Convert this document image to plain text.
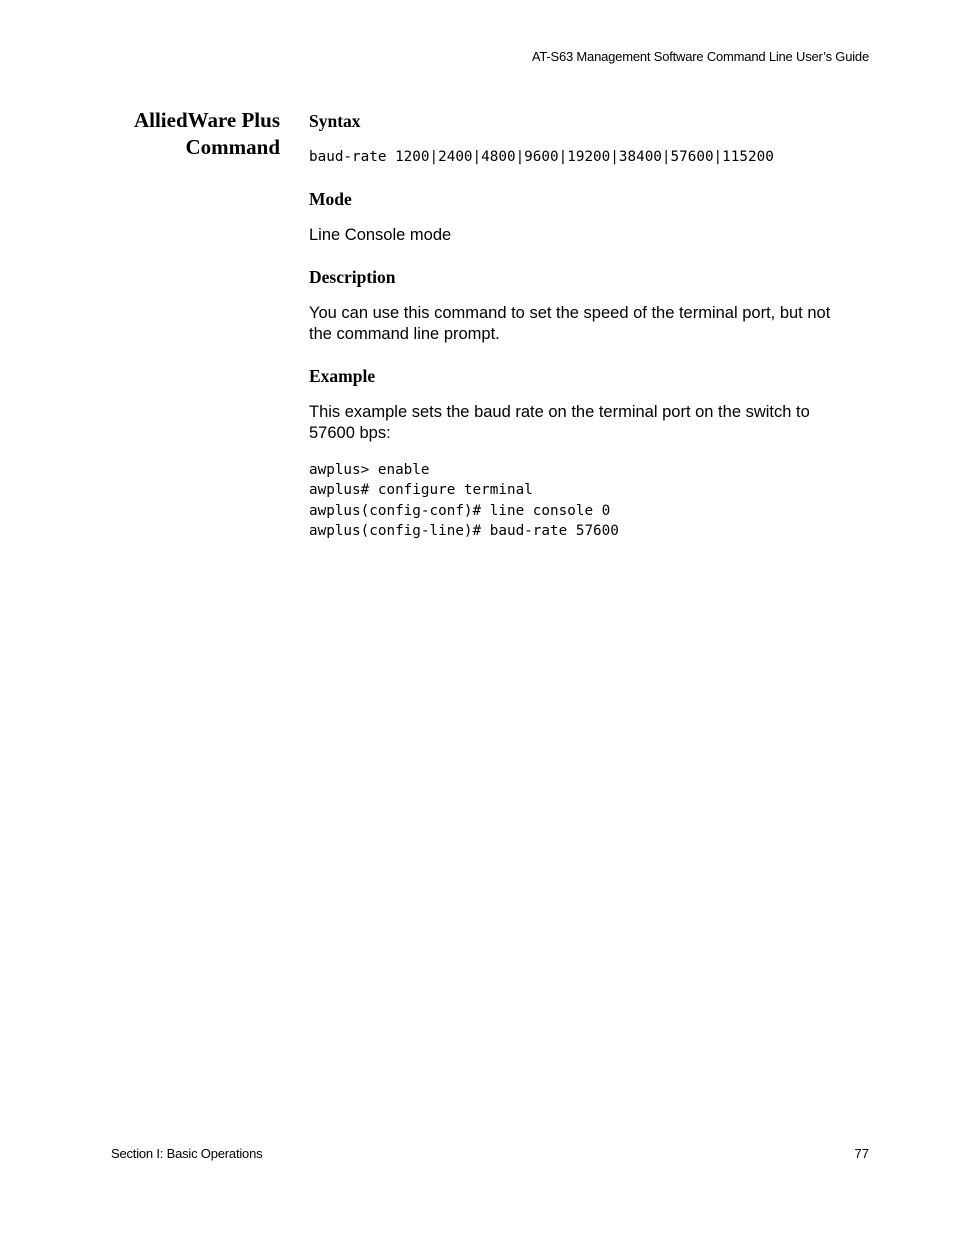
AT-S63 Management Software Command Line User’s Guide
AlliedWare Plus
Command
Syntax
baud-rate 1200|2400|4800|9600|19200|38400|57600|115200
Mode

Line Console mode

Description
You can use this command to set the speed of the terminal port, but not
the command line prompt.
Example
This example sets the baud rate on the terminal port on the switch to
57600 bps:
awplus> enable
awplus# configure terminal
awplus(config-conf)# line console 0
awplus(config-line)# baud-rate 57600
Section I: Basic Operations	77
